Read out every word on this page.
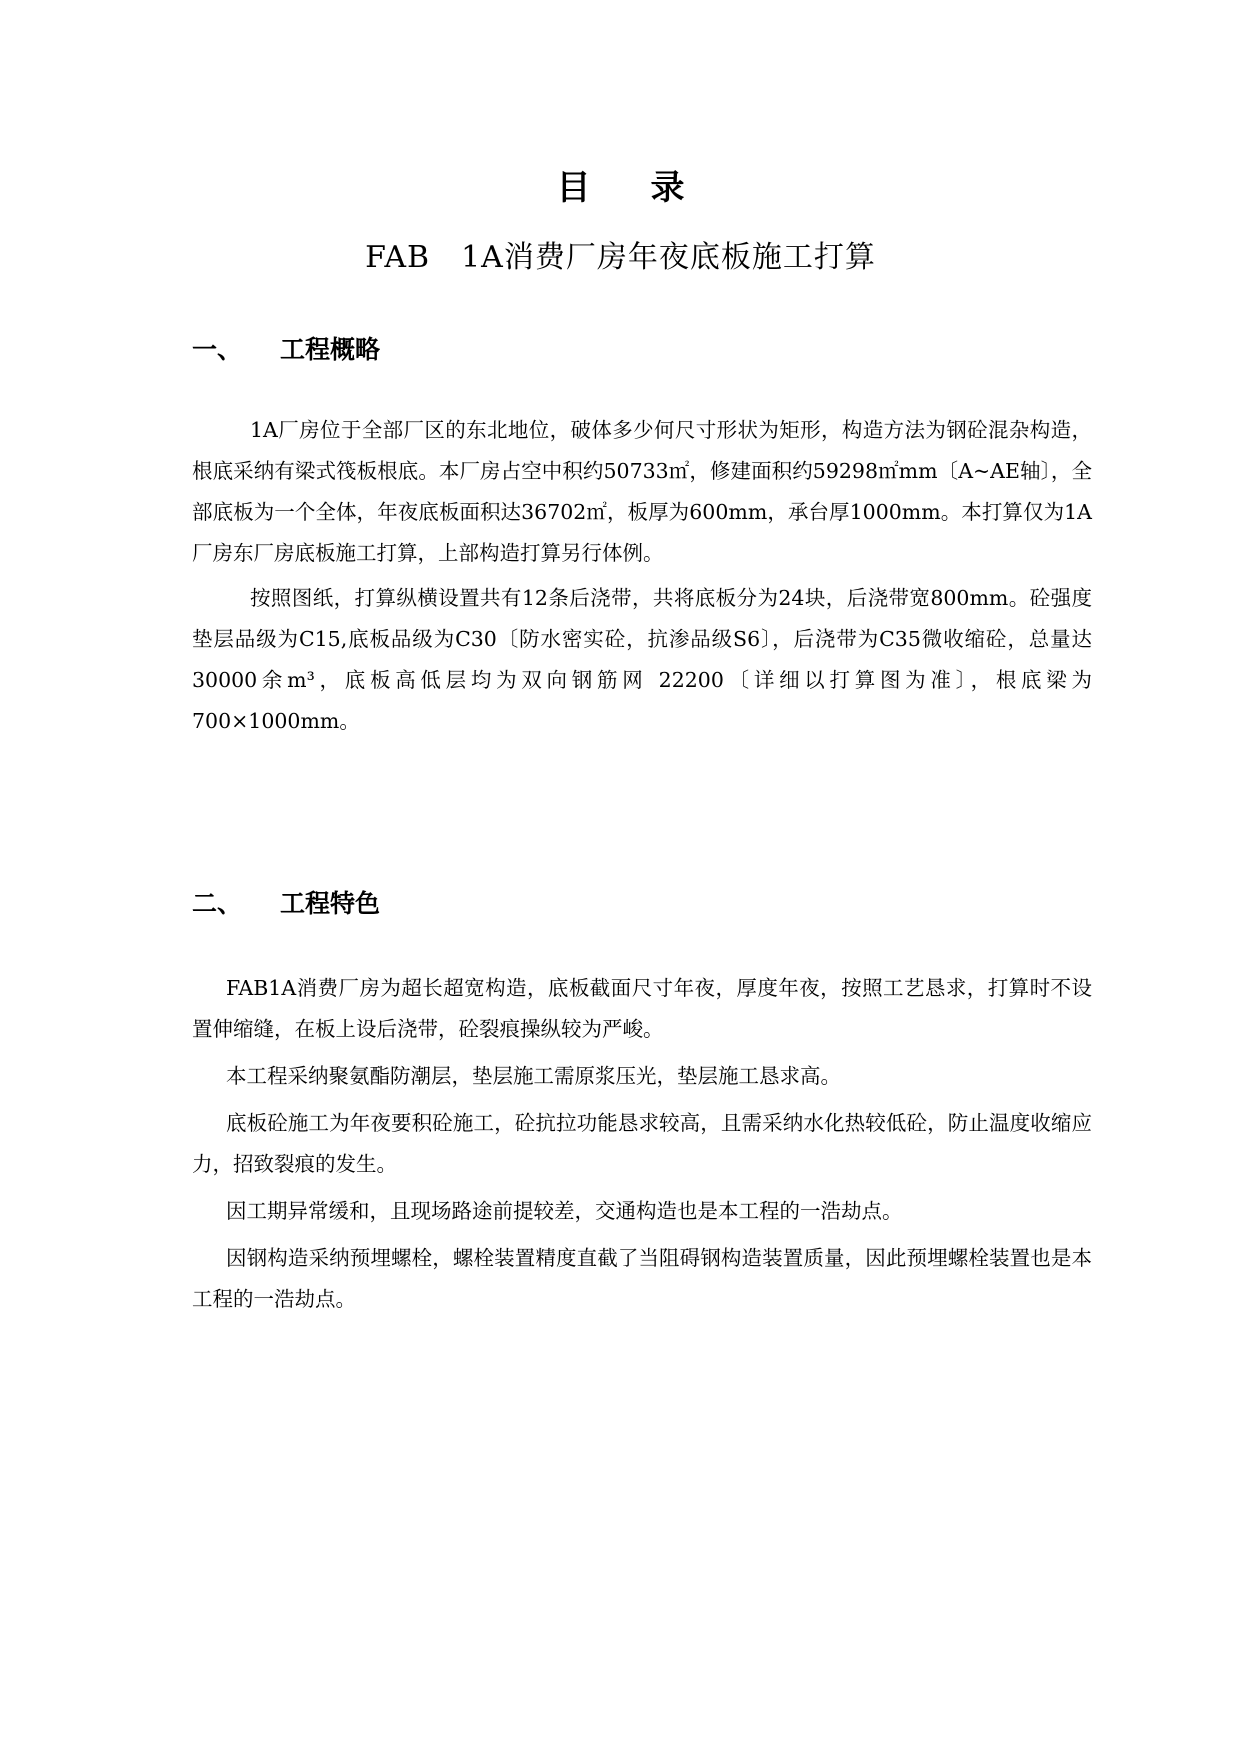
目录
FAB　1A消费厂房年夜底板施工打算
一、 工程概略

1A厂房位于全部厂区的东北地位，破体多少何尺寸形状为矩形，构造方法为钢砼混杂构造，根底采纳有梁式筏板根底。本厂房占空中积约50733㎡，修建面积约59298㎡mm〔A~AE轴〕，全部底板为一个全体，年夜底板面积达36702㎡，板厚为600mm，承台厚1000mm。本打算仅为1A厂房东厂房底板施工打算，上部构造打算另行体例。

按照图纸，打算纵横设置共有12条后浇带，共将底板分为24块，后浇带宽800mm。砼强度垫层品级为C15,底板品级为C30〔防水密实砼，抗渗品级S6〕，后浇带为C35微收缩砼，总量达30000余m³，底板高低层均为双向钢筋网 22200〔详细以打算图为准〕，根底梁为700×1000mm。

二、 工程特色

FAB1A消费厂房为超长超宽构造，底板截面尺寸年夜，厚度年夜，按照工艺恳求，打算时不设置伸缩缝，在板上设后浇带，砼裂痕操纵较为严峻。

本工程采纳聚氨酯防潮层，垫层施工需原浆压光，垫层施工恳求高。

底板砼施工为年夜要积砼施工，砼抗拉功能恳求较高，且需采纳水化热较低砼，防止温度收缩应力，招致裂痕的发生。

因工期异常缓和，且现场路途前提较差，交通构造也是本工程的一浩劫点。

因钢构造采纳预埋螺栓，螺栓装置精度直截了当阻碍钢构造装置质量，因此预埋螺栓装置也是本工程的一浩劫点。
